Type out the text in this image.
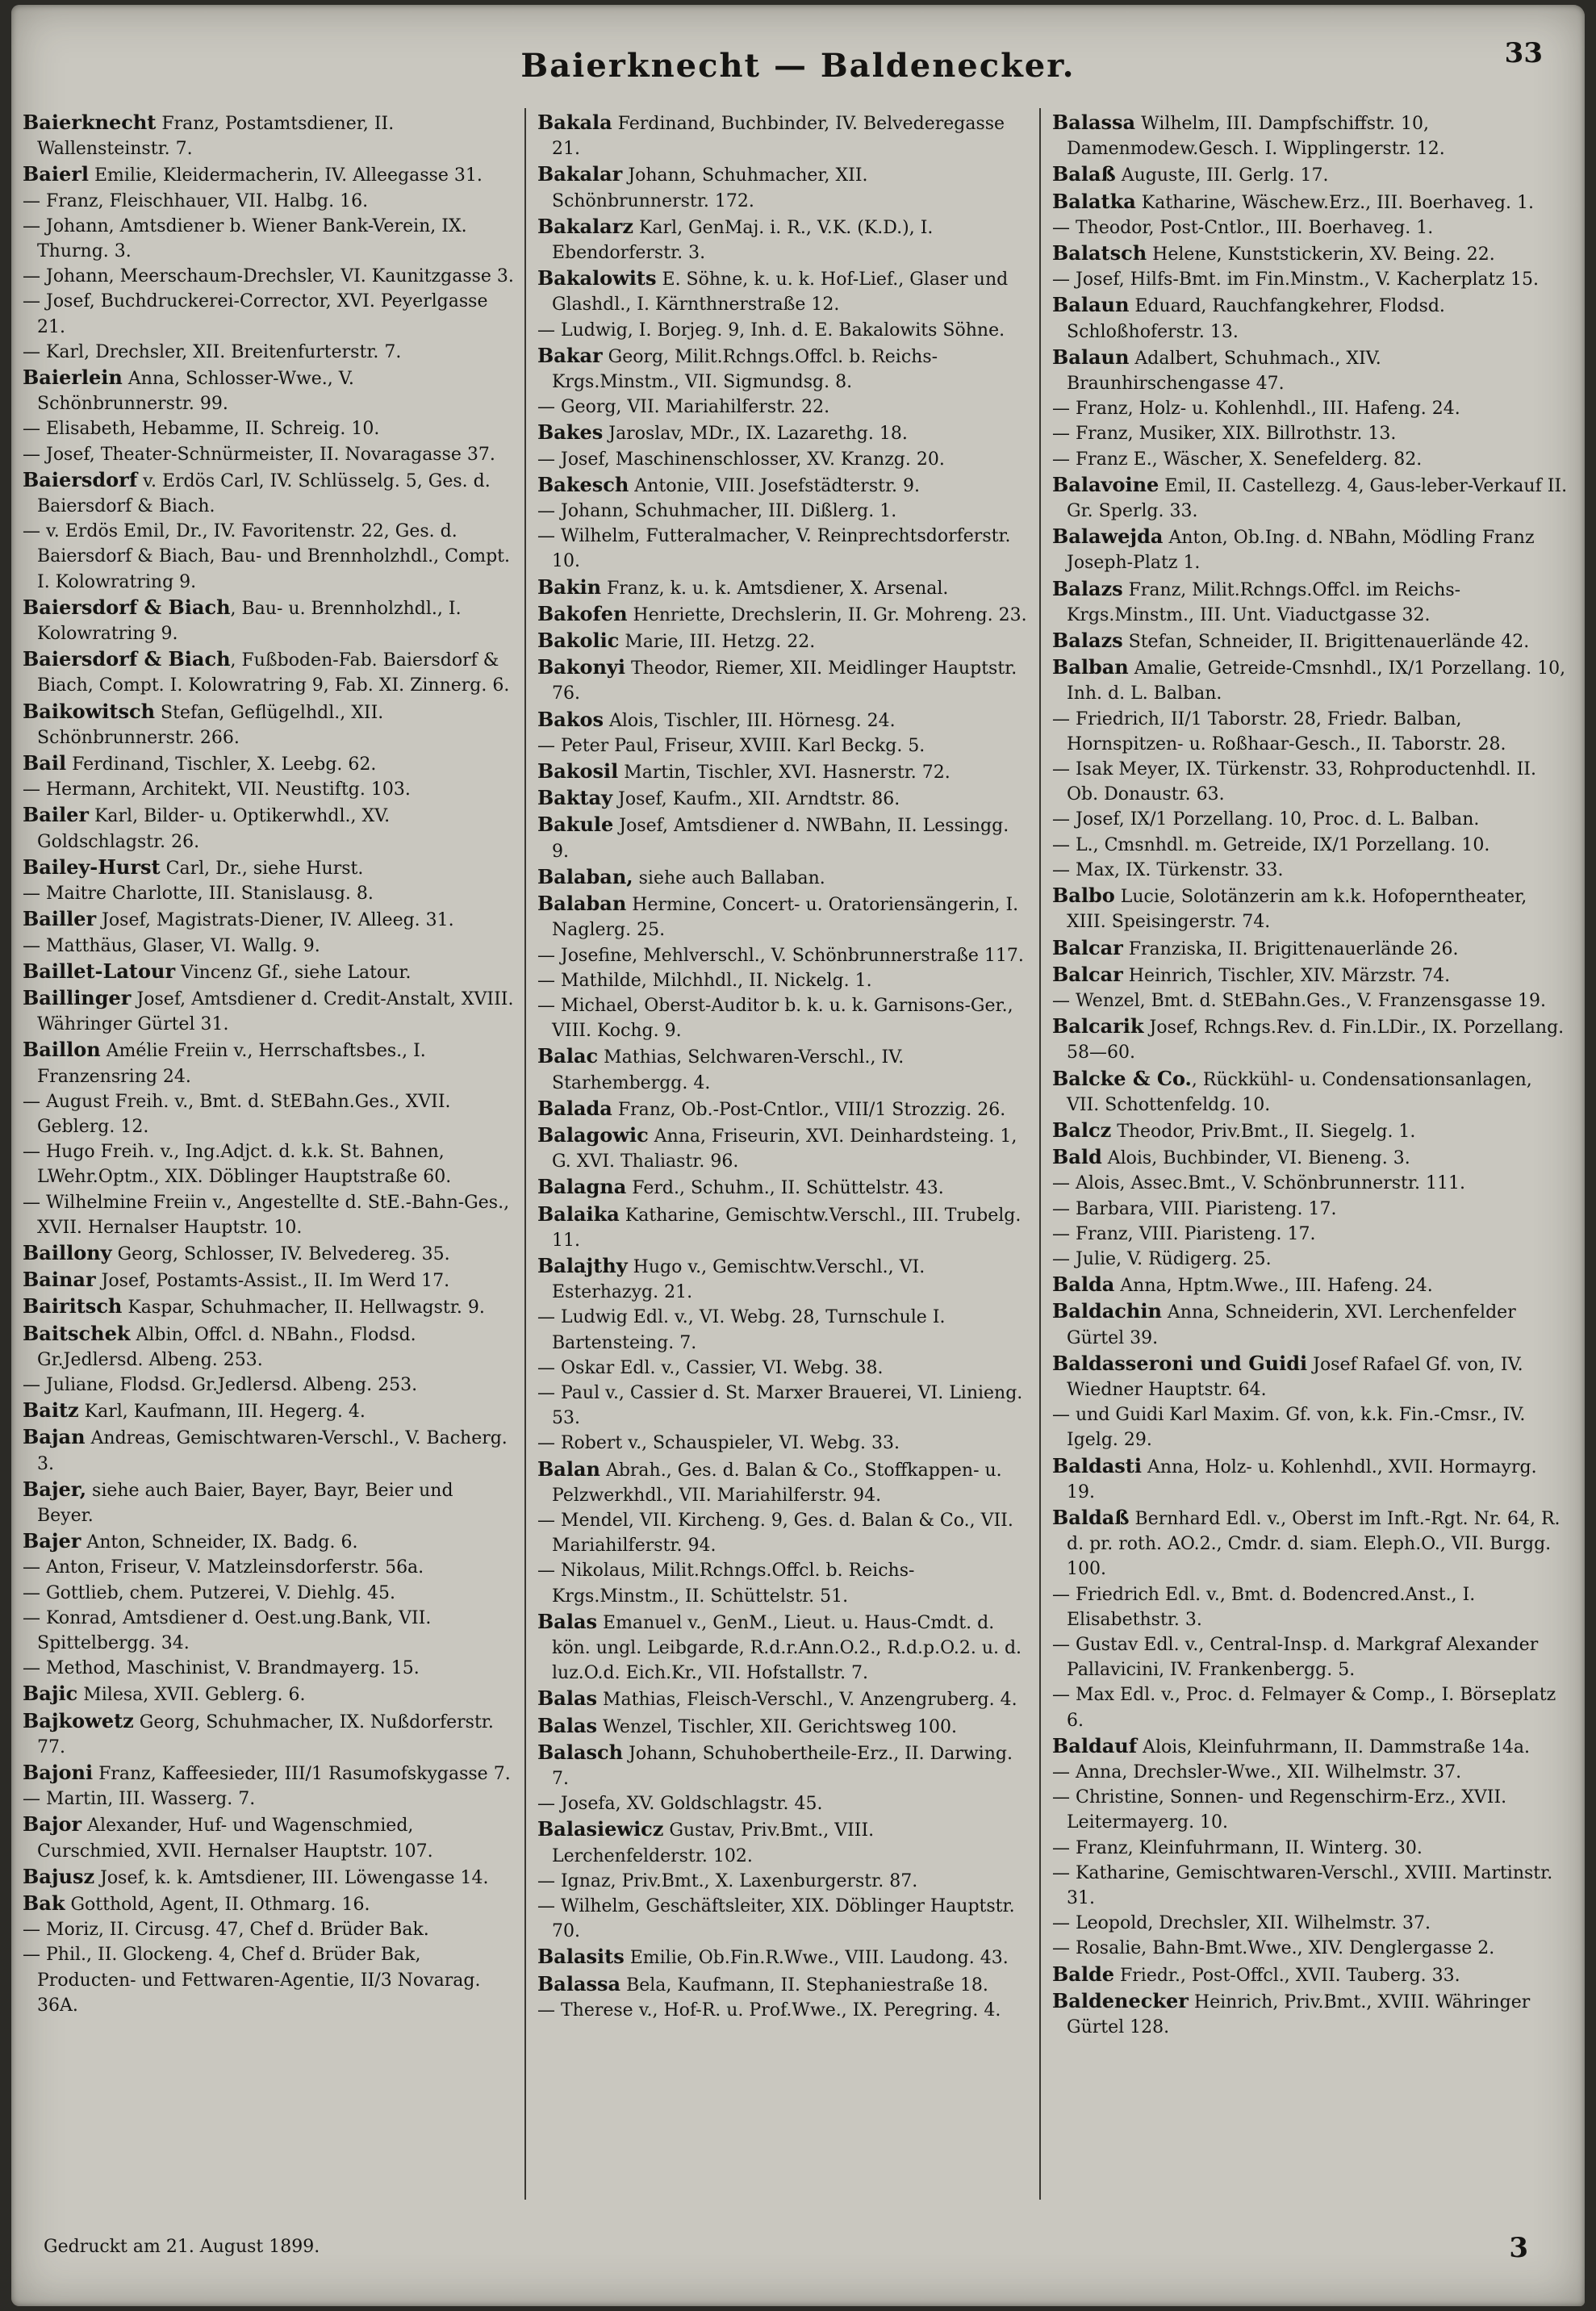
Baierknecht — Baldenecker.	33

Baierknecht Franz, Postamtsdiener, II. Wallensteinstr. 7.

Baierl Emilie, Kleidermacherin, IV. Alleegasse 31.

— Franz, Fleischhauer, VII. Halbg. 16.

— Johann, Amtsdiener b. Wiener Bank-Verein, IX. Thurng. 3.

— Johann, Meerschaum-Drechsler, VI. Kaunitzgasse 3.

— Josef, Buchdruckerei-Corrector, XVI. Peyerlgasse 21.

— Karl, Drechsler, XII. Breitenfurterstr. 7.

Baierlein Anna, Schlosser-Wwe., V. Schönbrunnerstr. 99.

— Elisabeth, Hebamme, II. Schreig. 10.

— Josef, Theater-Schnürmeister, II. Novaragasse 37.

Baiersdorf v. Erdös Carl, IV. Schlüsselg. 5, Ges. d. Baiersdorf & Biach.

— v. Erdös Emil, Dr., IV. Favoritenstr. 22, Ges. d. Baiersdorf & Biach, Bau- und Brennholzhdl., Compt. I. Kolowratring 9.

Baiersdorf & Biach, Bau- u. Brennholzhdl., I. Kolowratring 9.

Baiersdorf & Biach, Fußboden-Fab. Baiersdorf & Biach, Compt. I. Kolowratring 9, Fab. XI. Zinnerg. 6.

Baikowitsch Stefan, Geflügelhdl., XII. Schönbrunnerstr. 266.

Bail Ferdinand, Tischler, X. Leebg. 62.

— Hermann, Architekt, VII. Neustiftg. 103.

Bailer Karl, Bilder- u. Optikerwhdl., XV. Goldschlagstr. 26.

Bailey-Hurst Carl, Dr., siehe Hurst.

— Maitre Charlotte, III. Stanislausg. 8.

Bailler Josef, Magistrats-Diener, IV. Alleeg. 31.

— Matthäus, Glaser, VI. Wallg. 9.

Baillet-Latour Vincenz Gf., siehe Latour.

Baillinger Josef, Amtsdiener d. Credit-Anstalt, XVIII. Währinger Gürtel 31.

Baillon Amélie Freiin v., Herrschaftsbes., I. Franzensring 24.

— August Freih. v., Bmt. d. StEBahn.Ges., XVII. Geblerg. 12.

— Hugo Freih. v., Ing.Adjct. d. k.k. St. Bahnen, LWehr.Optm., XIX. Döblinger Hauptstraße 60.

— Wilhelmine Freiin v., Angestellte d. StE.-Bahn-Ges., XVII. Hernalser Hauptstr. 10.

Baillony Georg, Schlosser, IV. Belvedereg. 35.

Bainar Josef, Postamts-Assist., II. Im Werd 17.

Bairitsch Kaspar, Schuhmacher, II. Hellwagstr. 9.

Baitschek Albin, Offcl. d. NBahn., Flodsd. Gr.Jedlersd. Albeng. 253.

— Juliane, Flodsd. Gr.Jedlersd. Albeng. 253.

Baitz Karl, Kaufmann, III. Hegerg. 4.

Bajan Andreas, Gemischtwaren-Verschl., V. Bacherg. 3.

Bajer, siehe auch Baier, Bayer, Bayr, Beier und Beyer.

Bajer Anton, Schneider, IX. Badg. 6.

— Anton, Friseur, V. Matzleinsdorferstr. 56a.

— Gottlieb, chem. Putzerei, V. Diehlg. 45.

— Konrad, Amtsdiener d. Oest.ung.Bank, VII. Spittelbergg. 34.

— Method, Maschinist, V. Brandmayerg. 15.

Bajic Milesa, XVII. Geblerg. 6.

Bajkowetz Georg, Schuhmacher, IX. Nußdorferstr. 77.

Bajoni Franz, Kaffeesieder, III/1 Rasumofskygasse 7.

— Martin, III. Wasserg. 7.

Bajor Alexander, Huf- und Wagenschmied, Curschmied, XVII. Hernalser Hauptstr. 107.

Bajusz Josef, k. k. Amtsdiener, III. Löwengasse 14.

Bak Gotthold, Agent, II. Othmarg. 16.

— Moriz, II. Circusg. 47, Chef d. Brüder Bak.

— Phil., II. Glockeng. 4, Chef d. Brüder Bak, Producten- und Fettwaren-Agentie, II/3 Novarag. 36A.

Bakala Ferdinand, Buchbinder, IV. Belvederegasse 21.

Bakalar Johann, Schuhmacher, XII. Schönbrunnerstr. 172.

Bakalarz Karl, GenMaj. i. R., V.K. (K.D.), I. Ebendorferstr. 3.

Bakalowits E. Söhne, k. u. k. Hof-Lief., Glaser und Glashdl., I. Kärnthnerstraße 12.

— Ludwig, I. Borjeg. 9, Inh. d. E. Bakalowits Söhne.

Bakar Georg, Milit.Rchngs.Offcl. b. Reichs-Krgs.Minstm., VII. Sigmundsg. 8.

— Georg, VII. Mariahilferstr. 22.

Bakes Jaroslav, MDr., IX. Lazarethg. 18.

— Josef, Maschinenschlosser, XV. Kranzg. 20.

Bakesch Antonie, VIII. Josefstädterstr. 9.

— Johann, Schuhmacher, III. Dißlerg. 1.

— Wilhelm, Futteralmacher, V. Reinprechtsdorferstr. 10.

Bakin Franz, k. u. k. Amtsdiener, X. Arsenal.

Bakofen Henriette, Drechslerin, II. Gr. Mohreng. 23.

Bakolic Marie, III. Hetzg. 22.

Bakonyi Theodor, Riemer, XII. Meidlinger Hauptstr. 76.

Bakos Alois, Tischler, III. Hörnesg. 24.

— Peter Paul, Friseur, XVIII. Karl Beckg. 5.

Bakosil Martin, Tischler, XVI. Hasnerstr. 72.

Baktay Josef, Kaufm., XII. Arndtstr. 86.

Bakule Josef, Amtsdiener d. NWBahn, II. Lessingg. 9.

Balaban, siehe auch Ballaban.

Balaban Hermine, Concert- u. Oratoriensängerin, I. Naglerg. 25.

— Josefine, Mehlverschl., V. Schönbrunnerstraße 117.

— Mathilde, Milchhdl., II. Nickelg. 1.

— Michael, Oberst-Auditor b. k. u. k. Garnisons-Ger., VIII. Kochg. 9.

Balac Mathias, Selchwaren-Verschl., IV. Starhembergg. 4.

Balada Franz, Ob.-Post-Cntlor., VIII/1 Strozzig. 26.

Balagowic Anna, Friseurin, XVI. Deinhardsteing. 1, G. XVI. Thaliastr. 96.

Balagna Ferd., Schuhm., II. Schüttelstr. 43.

Balaika Katharine, Gemischtw.Verschl., III. Trubelg. 11.

Balajthy Hugo v., Gemischtw.Verschl., VI. Esterhazyg. 21.

— Ludwig Edl. v., VI. Webg. 28, Turnschule I. Bartensteing. 7.

— Oskar Edl. v., Cassier, VI. Webg. 38.

— Paul v., Cassier d. St. Marxer Brauerei, VI. Linieng. 53.

— Robert v., Schauspieler, VI. Webg. 33.

Balan Abrah., Ges. d. Balan & Co., Stoffkappen- u. Pelzwerkhdl., VII. Mariahilferstr. 94.

— Mendel, VII. Kircheng. 9, Ges. d. Balan & Co., VII. Mariahilferstr. 94.

— Nikolaus, Milit.Rchngs.Offcl. b. Reichs-Krgs.Minstm., II. Schüttelstr. 51.

Balas Emanuel v., GenM., Lieut. u. Haus-Cmdt. d. kön. ungl. Leibgarde, R.d.r.Ann.O.2., R.d.p.O.2. u. d. luz.O.d. Eich.Kr., VII. Hofstallstr. 7.

Balas Mathias, Fleisch-Verschl., V. Anzengruberg. 4.

Balas Wenzel, Tischler, XII. Gerichtsweg 100.

Balasch Johann, Schuhobertheile-Erz., II. Darwing. 7.

— Josefa, XV. Goldschlagstr. 45.

Balasiewicz Gustav, Priv.Bmt., VIII. Lerchenfelderstr. 102.

— Ignaz, Priv.Bmt., X. Laxenburgerstr. 87.

— Wilhelm, Geschäftsleiter, XIX. Döblinger Hauptstr. 70.

Balasits Emilie, Ob.Fin.R.Wwe., VIII. Laudong. 43.

Balassa Bela, Kaufmann, II. Stephaniestraße 18.

— Therese v., Hof-R. u. Prof.Wwe., IX. Peregring. 4.

Balassa Wilhelm, III. Dampfschiffstr. 10, Damenmodew.Gesch. I. Wipplingerstr. 12.

Balaß Auguste, III. Gerlg. 17.

Balatka Katharine, Wäschew.Erz., III. Boerhaveg. 1.

— Theodor, Post-Cntlor., III. Boerhaveg. 1.

Balatsch Helene, Kunststickerin, XV. Being. 22.

— Josef, Hilfs-Bmt. im Fin.Minstm., V. Kacherplatz 15.

Balaun Eduard, Rauchfangkehrer, Flodsd. Schloßhoferstr. 13.

Balaun Adalbert, Schuhmach., XIV. Braunhirschengasse 47.

— Franz, Holz- u. Kohlenhdl., III. Hafeng. 24.

— Franz, Musiker, XIX. Billrothstr. 13.

— Franz E., Wäscher, X. Senefelderg. 82.

Balavoine Emil, II. Castellezg. 4, Gaus-leber-Verkauf II. Gr. Sperlg. 33.

Balawejda Anton, Ob.Ing. d. NBahn, Mödling Franz Joseph-Platz 1.

Balazs Franz, Milit.Rchngs.Offcl. im Reichs-Krgs.Minstm., III. Unt. Viaductgasse 32.

Balazs Stefan, Schneider, II. Brigittenauerlände 42.

Balban Amalie, Getreide-Cmsnhdl., IX/1 Porzellang. 10, Inh. d. L. Balban.

— Friedrich, II/1 Taborstr. 28, Friedr. Balban, Hornspitzen- u. Roßhaar-Gesch., II. Taborstr. 28.

— Isak Meyer, IX. Türkenstr. 33, Rohproductenhdl. II. Ob. Donaustr. 63.

— Josef, IX/1 Porzellang. 10, Proc. d. L. Balban.

— L., Cmsnhdl. m. Getreide, IX/1 Porzellang. 10.

— Max, IX. Türkenstr. 33.

Balbo Lucie, Solotänzerin am k.k. Hofoperntheater, XIII. Speisingerstr. 74.

Balcar Franziska, II. Brigittenauerlände 26.

Balcar Heinrich, Tischler, XIV. Märzstr. 74.

— Wenzel, Bmt. d. StEBahn.Ges., V. Franzensgasse 19.

Balcarik Josef, Rchngs.Rev. d. Fin.LDir., IX. Porzellang. 58—60.

Balcke & Co., Rückkühl- u. Condensationsanlagen, VII. Schottenfeldg. 10.

Balcz Theodor, Priv.Bmt., II. Siegelg. 1.

Bald Alois, Buchbinder, VI. Bieneng. 3.

— Alois, Assec.Bmt., V. Schönbrunnerstr. 111.

— Barbara, VIII. Piaristeng. 17.

— Franz, VIII. Piaristeng. 17.

— Julie, V. Rüdigerg. 25.

Balda Anna, Hptm.Wwe., III. Hafeng. 24.

Baldachin Anna, Schneiderin, XVI. Lerchenfelder Gürtel 39.

Baldasseroni und Guidi Josef Rafael Gf. von, IV. Wiedner Hauptstr. 64.

— und Guidi Karl Maxim. Gf. von, k.k. Fin.-Cmsr., IV. Igelg. 29.

Baldasti Anna, Holz- u. Kohlenhdl., XVII. Hormayrg. 19.

Baldaß Bernhard Edl. v., Oberst im Inft.-Rgt. Nr. 64, R. d. pr. roth. AO.2., Cmdr. d. siam. Eleph.O., VII. Burgg. 100.

— Friedrich Edl. v., Bmt. d. Bodencred.Anst., I. Elisabethstr. 3.

— Gustav Edl. v., Central-Insp. d. Markgraf Alexander Pallavicini, IV. Frankenbergg. 5.

— Max Edl. v., Proc. d. Felmayer & Comp., I. Börseplatz 6.

Baldauf Alois, Kleinfuhrmann, II. Dammstraße 14a.

— Anna, Drechsler-Wwe., XII. Wilhelmstr. 37.

— Christine, Sonnen- und Regenschirm-Erz., XVII. Leitermayerg. 10.

— Franz, Kleinfuhrmann, II. Winterg. 30.

— Katharine, Gemischtwaren-Verschl., XVIII. Martinstr. 31.

— Leopold, Drechsler, XII. Wilhelmstr. 37.

— Rosalie, Bahn-Bmt.Wwe., XIV. Denglergasse 2.

Balde Friedr., Post-Offcl., XVII. Tauberg. 33.

Baldenecker Heinrich, Priv.Bmt., XVIII. Währinger Gürtel 128.

Gedruckt am 21. August 1899.	3
